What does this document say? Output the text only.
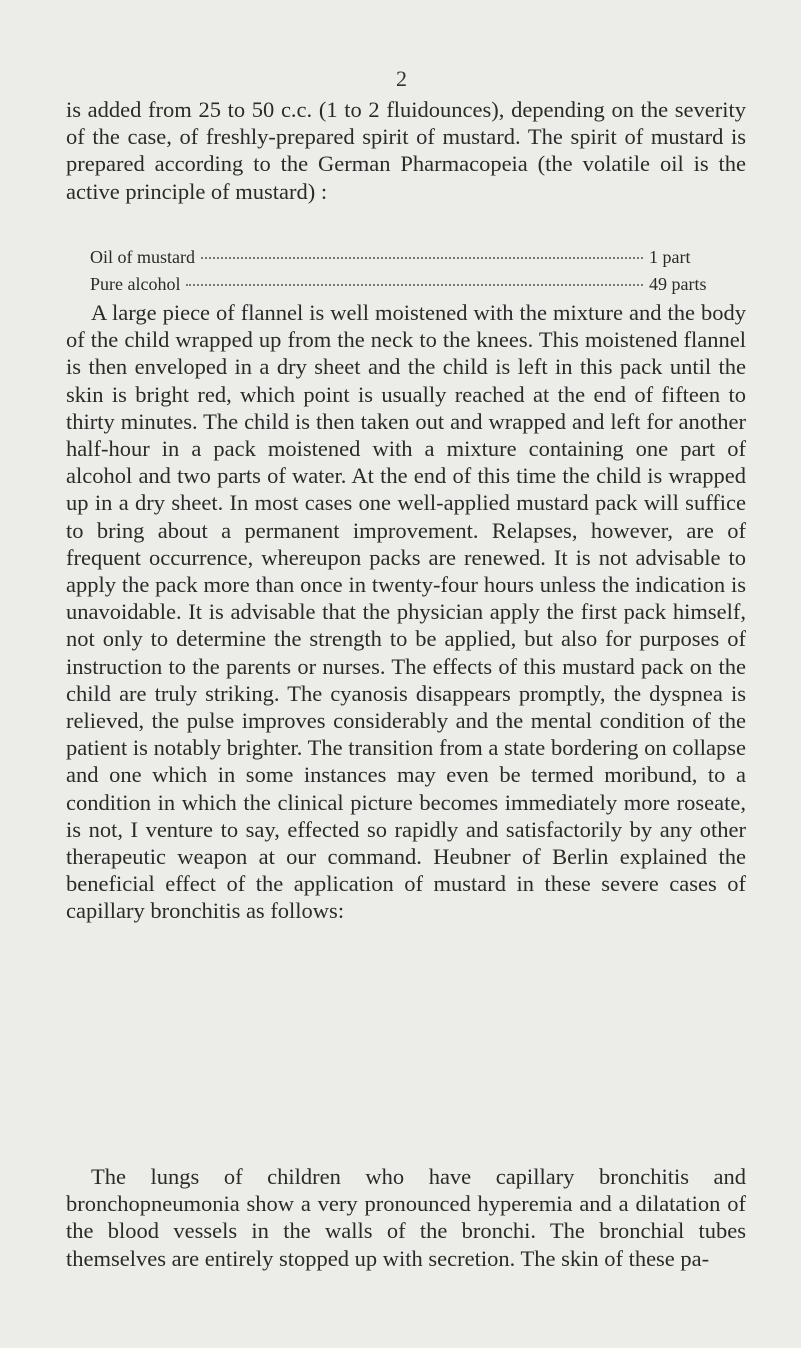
2

is added from 25 to 50 c.c. (1 to 2 fluidounces), depending on the severity of the case, of freshly-prepared spirit of mustard. The spirit of mustard is prepared according to the German Pharmacopeia (the volatile oil is the active principle of mustard) :

Oil of mustard	1 part
Pure alcohol	49 parts

A large piece of flannel is well moistened with the mixture and the body of the child wrapped up from the neck to the knees. This moistened flannel is then enveloped in a dry sheet and the child is left in this pack until the skin is bright red, which point is usually reached at the end of fifteen to thirty minutes. The child is then taken out and wrapped and left for another half-hour in a pack moistened with a mixture containing one part of alcohol and two parts of water. At the end of this time the child is wrapped up in a dry sheet. In most cases one well-applied mustard pack will suffice to bring about a permanent improvement. Relapses, however, are of frequent occurrence, whereupon packs are renewed. It is not advisable to apply the pack more than once in twenty-four hours unless the indication is unavoidable. It is advisable that the physician apply the first pack himself, not only to determine the strength to be applied, but also for purposes of instruction to the parents or nurses. The effects of this mustard pack on the child are truly striking. The cyanosis disappears promptly, the dyspnea is relieved, the pulse improves considerably and the mental condition of the patient is notably brighter. The transition from a state bordering on collapse and one which in some instances may even be termed moribund, to a condition in which the clinical picture becomes immediately more roseate, is not, I venture to say, effected so rapidly and satisfactorily by any other therapeutic weapon at our command. Heubner of Berlin explained the beneficial effect of the application of mustard in these severe cases of capillary bronchitis as follows:

The lungs of children who have capillary bronchitis and bronchopneumonia show a very pronounced hyperemia and a dilatation of the blood vessels in the walls of the bronchi. The bronchial tubes themselves are entirely stopped up with secretion. The skin of these pa-
